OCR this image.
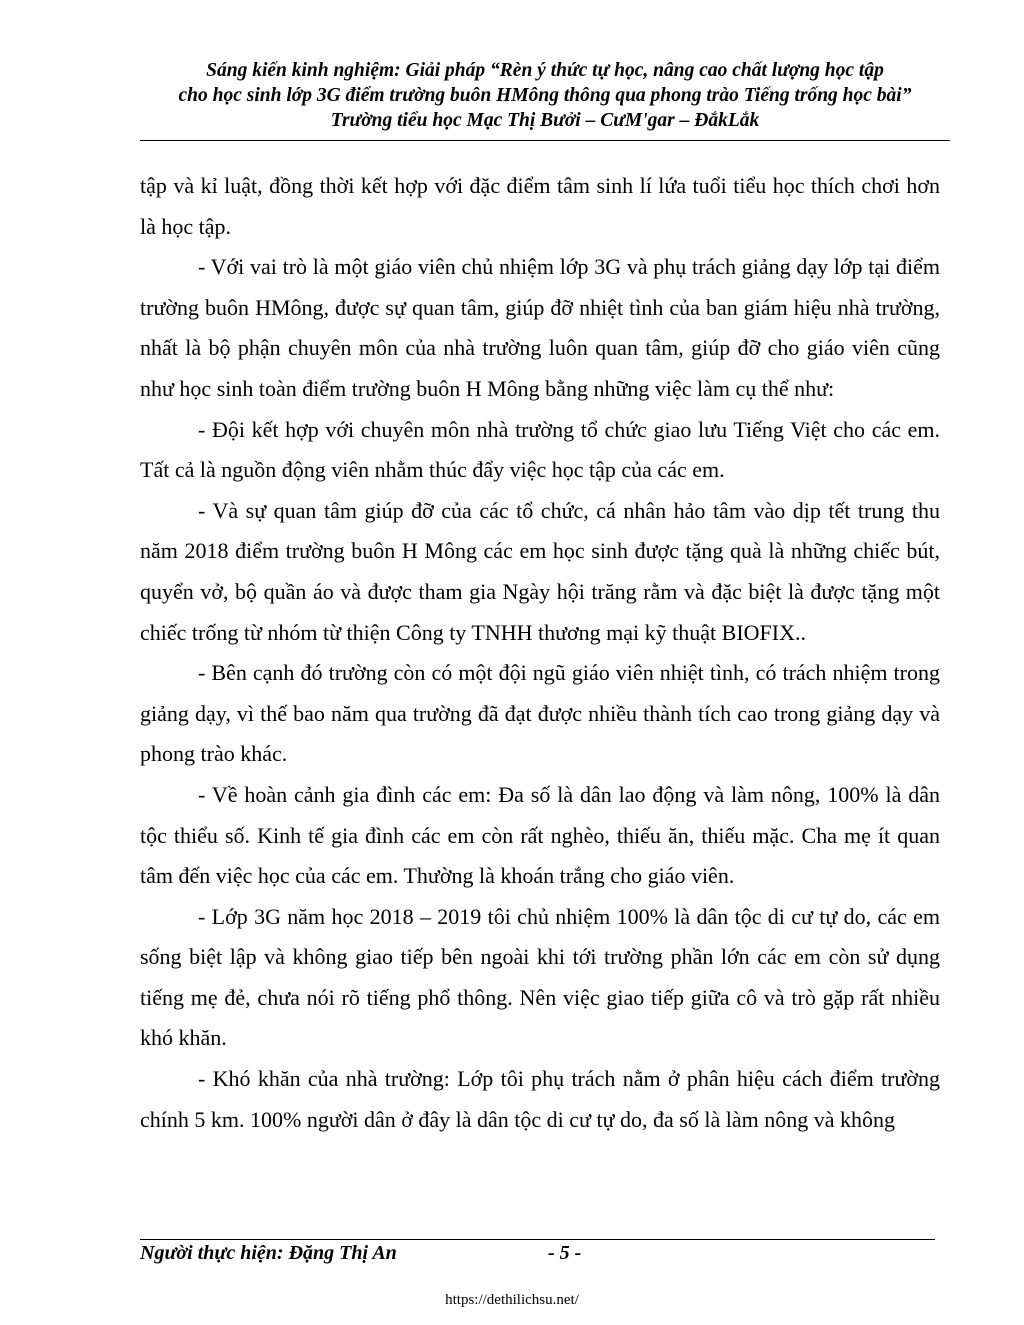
Sáng kiến kinh nghiệm: Giải pháp “Rèn ý thức tự học, nâng cao chất lượng học tập
cho học sinh lớp 3G điểm trường buôn HMông thông qua phong trào Tiếng trống học bài”
Trường tiểu học Mạc Thị Bưởi – CưM'gar – ĐắkLắk

tập và kỉ luật, đồng thời kết hợp với đặc điểm tâm sinh lí lứa tuổi tiểu học thích chơi hơn là học tập.

- Với vai trò là một giáo viên chủ nhiệm lớp 3G và phụ trách giảng dạy lớp tại điểm trường buôn HMông, được sự quan tâm, giúp đỡ nhiệt tình của ban giám hiệu nhà trường, nhất là bộ phận chuyên môn của nhà trường luôn quan tâm, giúp đỡ cho giáo viên cũng như học sinh toàn điểm trường buôn H Mông bằng những việc làm cụ thể như:

- Đội kết hợp với chuyên môn nhà trường tổ chức giao lưu Tiếng Việt cho các em. Tất cả là nguồn động viên nhằm thúc đẩy việc học tập của các em.

- Và sự quan tâm giúp đỡ của các tổ chức, cá nhân hảo tâm vào dịp tết trung thu năm 2018 điểm trường buôn H Mông các em học sinh được tặng quà là những chiếc bút, quyển vở, bộ quần áo và được tham gia Ngày hội trăng rằm và đặc biệt là được tặng một chiếc trống từ nhóm từ thiện Công ty TNHH thương mại kỹ thuật BIOFIX..

- Bên cạnh đó trường còn có một đội ngũ giáo viên nhiệt tình, có trách nhiệm trong giảng dạy, vì thế bao năm qua trường đã đạt được nhiều thành tích cao trong giảng dạy và phong trào khác.

- Về hoàn cảnh gia đình các em: Đa số là dân lao động và làm nông, 100% là dân tộc thiểu số. Kinh tế gia đình các em còn rất nghèo, thiếu ăn, thiếu mặc. Cha mẹ ít quan tâm đến việc học của các em. Thường là khoán trắng cho giáo viên.

- Lớp 3G năm học 2018 – 2019 tôi chủ nhiệm 100% là dân tộc di cư tự do, các em sống biệt lập và không giao tiếp bên ngoài khi tới trường phần lớn các em còn sử dụng tiếng mẹ đẻ, chưa nói rõ tiếng phổ thông. Nên việc giao tiếp giữa cô và trò gặp rất nhiều khó khăn.

- Khó khăn của nhà trường: Lớp tôi phụ trách nằm ở phân hiệu cách điểm trường chính 5 km. 100% người dân ở đây là dân tộc di cư tự do, đa số là làm nông và không

Người thực hiện: Đặng Thị An	- 5 -
https://dethilichsu.net/
